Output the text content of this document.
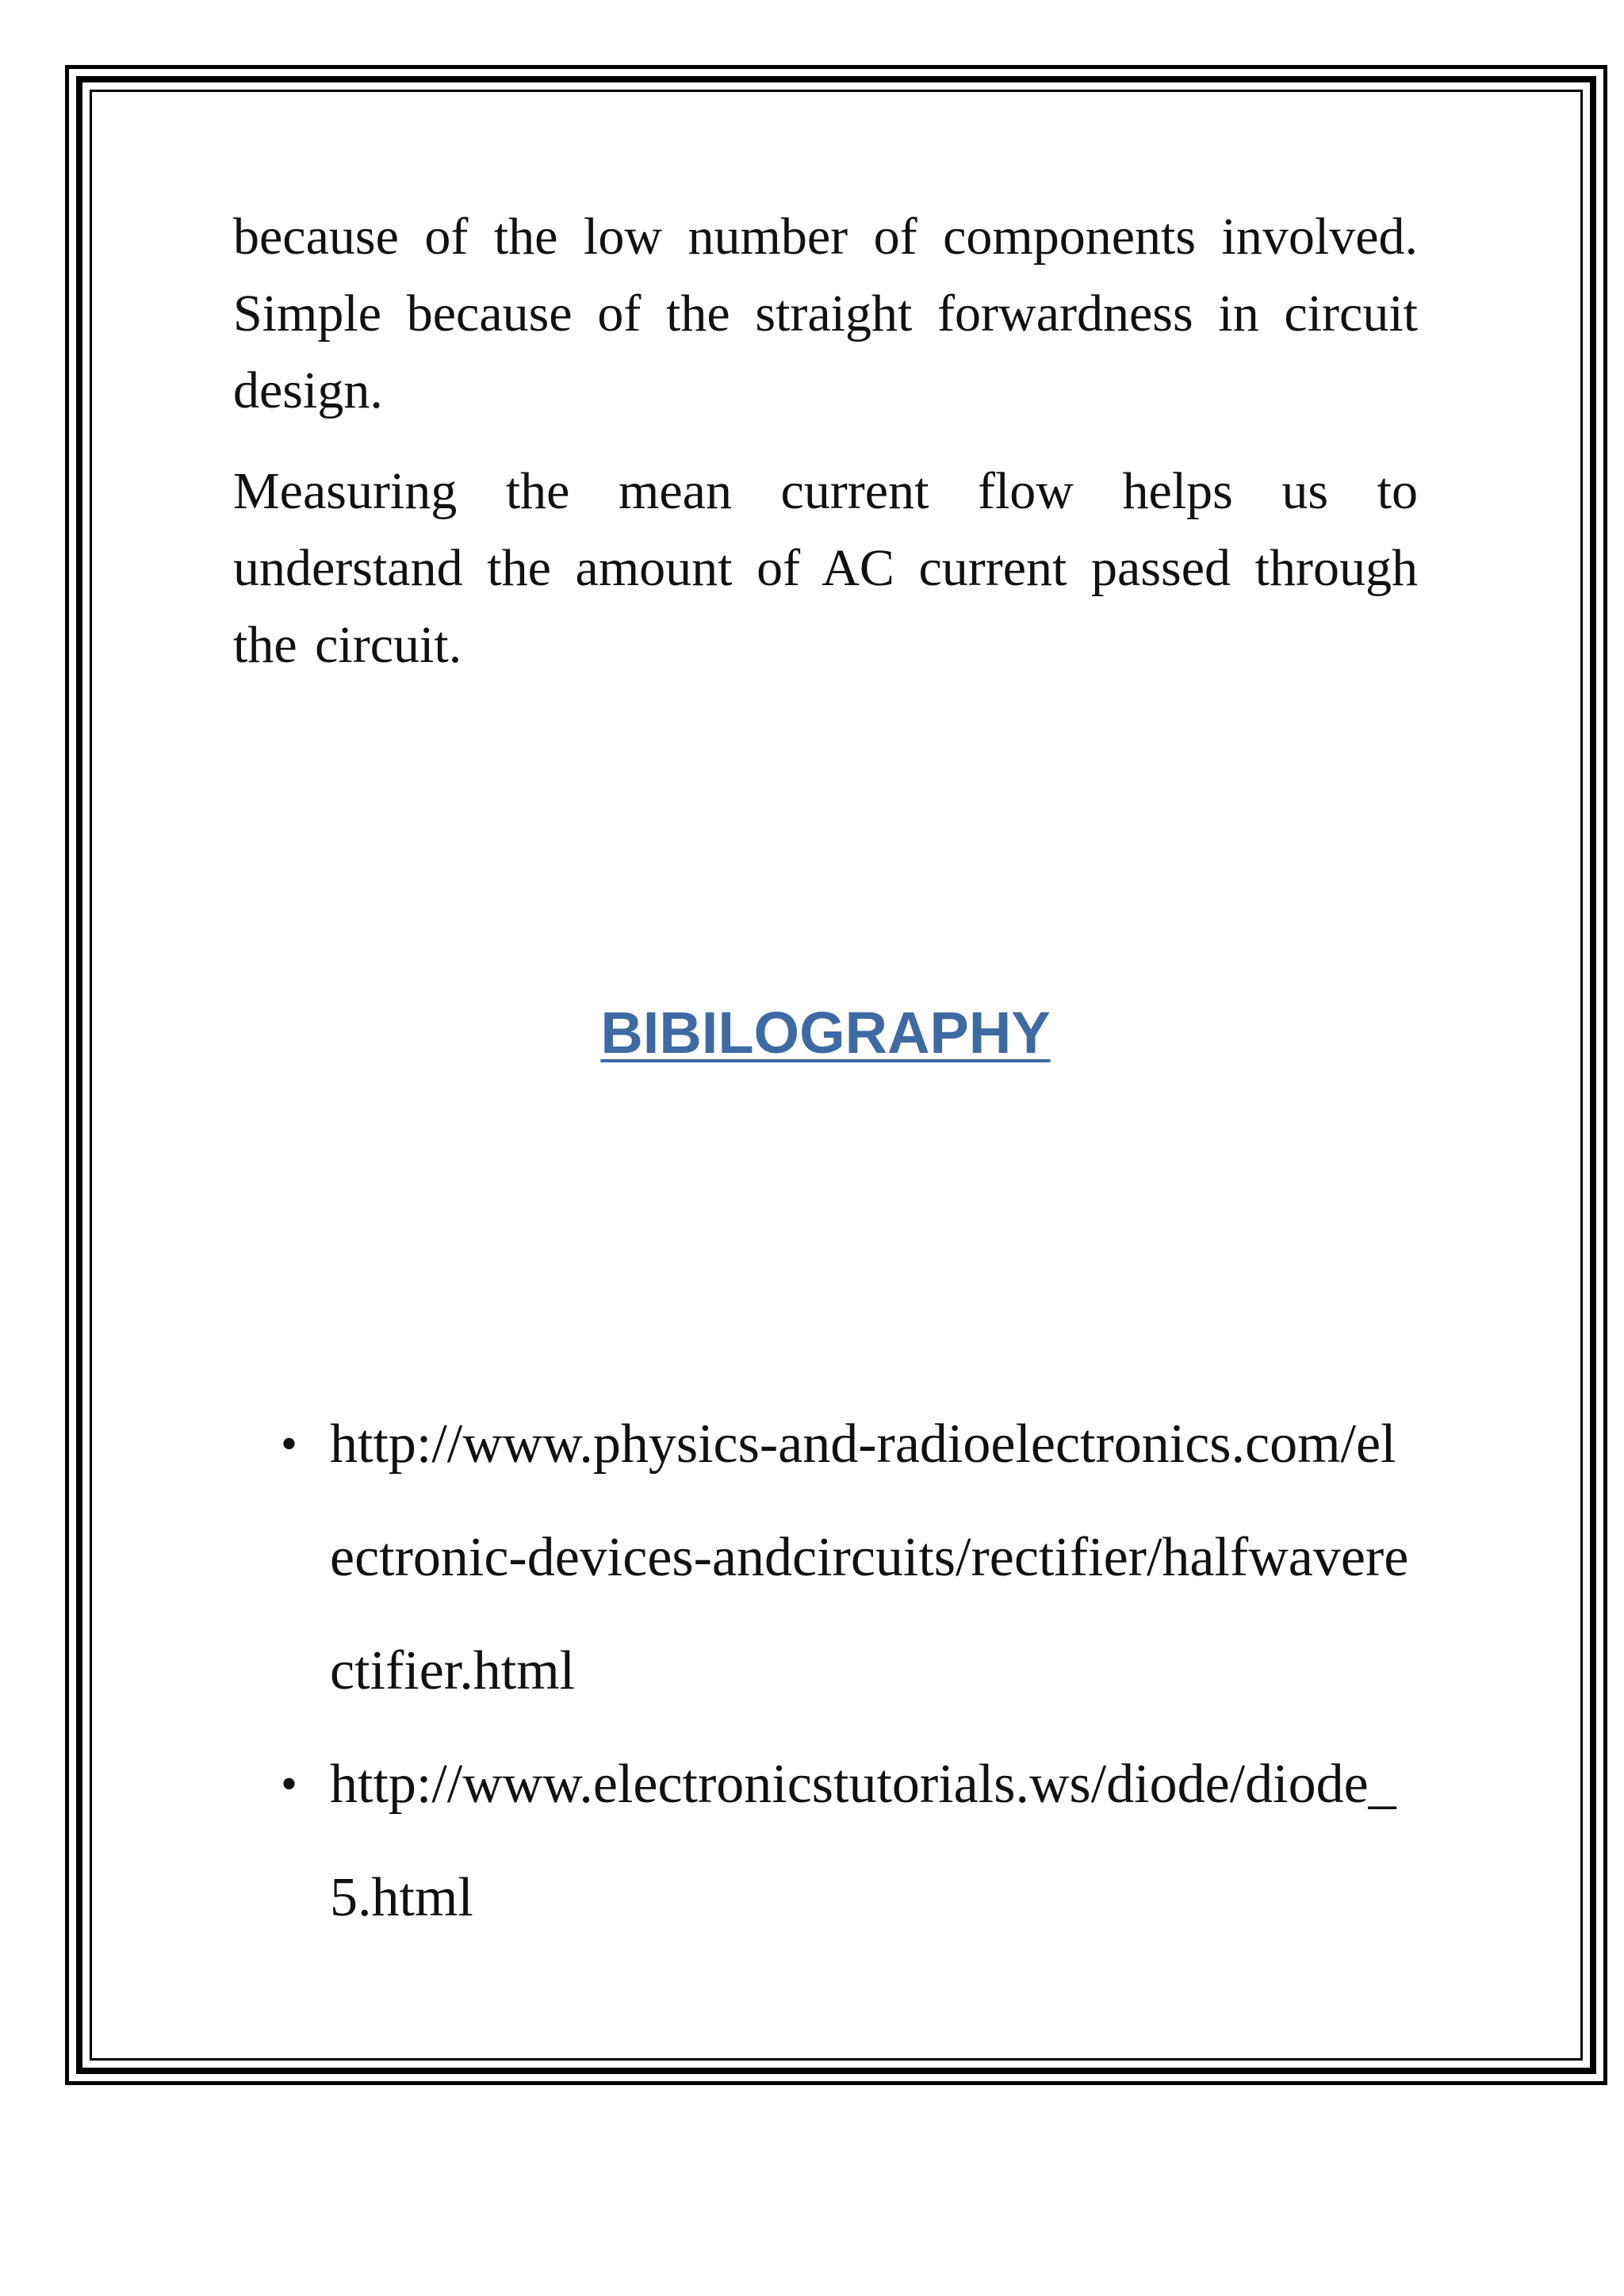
because of the low number of components involved. Simple because of the straight forwardness in circuit design.

Measuring the mean current flow helps us to understand the amount of AC current passed through the circuit.

BIBILOGRAPHY
• http://www.physics-and-radioelectronics.com/electronic-devices-andcircuits/rectifier/halfwaverectifier.html
• http://www.electronicstutorials.ws/diode/diode_5.html
